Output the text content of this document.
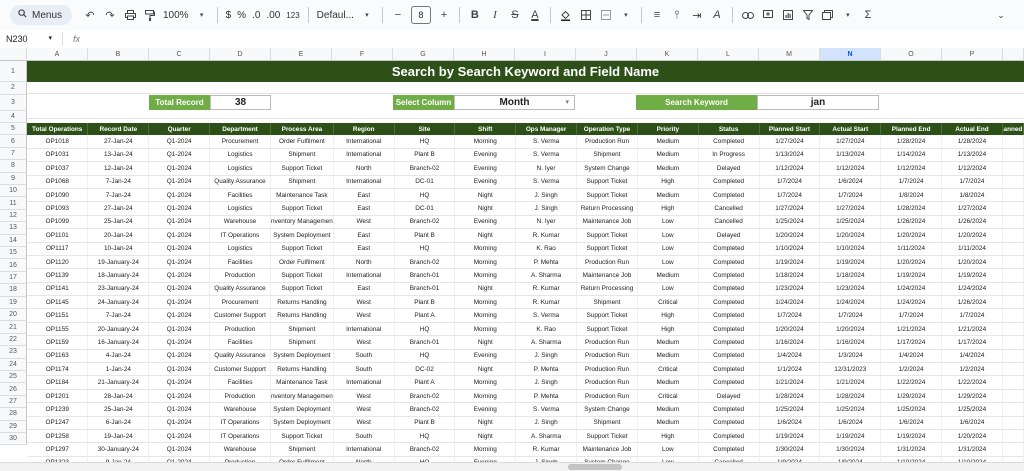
Menus	↶ ↷	100%	▾	$ % .0 .00 123 Defaul...	▾	−	8	+	B	I	S	A	▾	≡	⫯	⇥	A	▾	Σ	⌄
N230	▾	fx
A	B	C	D	E	F	G	H	I	J	K	L	M	N	O	P
1
2
3
4
5
6
7
8
9
10
11
12
13
14
15
16
17
18
19
20
21
22
23
24
25
26
27
28
29
30
Search by Search Keyword and Field Name
Total Record	38	Select Column	Month	▾	Search Keyword	jan
Total Operations	Record Date	Quarter	Department	Process Area	Region	Site	Shift	Ops Manager	Operation Type	Priority	Status	Planned Start	Actual Start	Planned End	Actual End	anned
OP1018	27-Jan-24	Q1-2024	Procurement	Order Fulfilment	International	HQ	Morning	S. Verma	Production Run	Medium	Completed	1/27/2024	1/27/2024	1/28/2024	1/28/2024	
OP1031	13-Jan-24	Q1-2024	Logistics	Shipment	International	Plant B	Evening	S. Verma	Shipment	Medium	In Progress	1/13/2024	1/13/2024	1/14/2024	1/13/2024	
OP1037	12-Jan-24	Q1-2024	Logistics	Support Ticket	North	Branch-02	Evening	N. Iyer	System Change	Medium	Delayed	1/12/2024	1/12/2024	1/12/2024	1/12/2024	
OP1068	7-Jan-24	Q1-2024	Quality Assurance	Shipment	International	DC-01	Evening	S. Verma	Support Ticket	High	Completed	1/7/2024	1/6/2024	1/7/2024	1/7/2024	
OP1090	7-Jan-24	Q1-2024	Facilities	Maintenance Task	East	HQ	Night	J. Singh	Support Ticket	Medium	Completed	1/7/2024	1/7/2024	1/8/2024	1/8/2024	
OP1093	27-Jan-24	Q1-2024	Logistics	Support Ticket	East	DC-01	Night	J. Singh	Return Processing	High	Cancelled	1/27/2024	1/27/2024	1/28/2024	1/27/2024	
OP1099	25-Jan-24	Q1-2024	Warehouse	nventory Managemen	West	Branch-02	Evening	N. Iyer	Maintenance Job	Low	Cancelled	1/25/2024	1/25/2024	1/26/2024	1/26/2024	
OP1101	20-Jan-24	Q1-2024	IT Operations	System Deployment	East	Plant B	Night	R. Kumar	Support Ticket	Low	Delayed	1/20/2024	1/20/2024	1/20/2024	1/20/2024	
OP1117	10-Jan-24	Q1-2024	Logistics	Support Ticket	East	HQ	Morning	K. Rao	Support Ticket	Low	Completed	1/10/2024	1/10/2024	1/11/2024	1/11/2024	
OP1120	19-January-24	Q1-2024	Facilities	Order Fulfilment	North	Branch-02	Morning	P. Mehta	Production Run	Low	Completed	1/19/2024	1/19/2024	1/20/2024	1/20/2024	
OP1139	18-January-24	Q1-2024	Production	Support Ticket	International	Branch-01	Morning	A. Sharma	Maintenance Job	Medium	Completed	1/18/2024	1/18/2024	1/19/2024	1/19/2024	
OP1141	23-January-24	Q1-2024	Quality Assurance	Support Ticket	East	Branch-01	Night	R. Kumar	Return Processing	Low	Completed	1/23/2024	1/23/2024	1/24/2024	1/24/2024	
OP1145	24-January-24	Q1-2024	Procurement	Returns Handling	West	Plant B	Morning	R. Kumar	Shipment	Critical	Completed	1/24/2024	1/24/2024	1/24/2024	1/26/2024	
OP1151	7-Jan-24	Q1-2024	Customer Support	Returns Handling	West	Plant A	Morning	S. Verma	Support Ticket	High	Completed	1/7/2024	1/7/2024	1/7/2024	1/7/2024	
OP1155	20-January-24	Q1-2024	Production	Shipment	International	HQ	Morning	K. Rao	Support Ticket	High	Completed	1/20/2024	1/20/2024	1/21/2024	1/21/2024	
OP1159	16-January-24	Q1-2024	Facilities	Shipment	West	Branch-01	Night	A. Sharma	Production Run	Medium	Completed	1/16/2024	1/16/2024	1/17/2024	1/17/2024	
OP1163	4-Jan-24	Q1-2024	Quality Assurance	System Deployment	South	HQ	Evening	J. Singh	Production Run	Medium	Completed	1/4/2024	1/3/2024	1/4/2024	1/4/2024	
OP1174	1-Jan-24	Q1-2024	Customer Support	Returns Handling	South	DC-02	Night	P. Mehta	Production Run	Critical	Completed	1/1/2024	12/31/2023	1/2/2024	1/2/2024	
OP1184	21-January-24	Q1-2024	Facilities	Maintenance Task	International	Plant A	Morning	J. Singh	Production Run	Medium	Completed	1/21/2024	1/21/2024	1/22/2024	1/22/2024	
OP1201	28-Jan-24	Q1-2024	Production	nventory Managemen	West	Branch-02	Morning	P. Mehta	Production Run	Critical	Delayed	1/28/2024	1/28/2024	1/29/2024	1/29/2024	
OP1239	25-Jan-24	Q1-2024	Warehouse	System Deployment	West	Branch-02	Evening	S. Verma	System Change	Medium	Completed	1/25/2024	1/25/2024	1/25/2024	1/25/2024	
OP1247	6-Jan-24	Q1-2024	IT Operations	System Deployment	West	Plant B	Night	J. Singh	Shipment	Medium	Completed	1/6/2024	1/6/2024	1/6/2024	1/6/2024	
OP1258	19-Jan-24	Q1-2024	IT Operations	Support Ticket	South	HQ	Night	A. Sharma	Support Ticket	High	Completed	1/19/2024	1/19/2024	1/19/2024	1/20/2024	
OP1297	30-January-24	Q1-2024	Warehouse	Shipment	International	Branch-02	Morning	R. Kumar	Maintenance Job	Low	Completed	1/30/2024	1/30/2024	1/31/2024	1/31/2024	
